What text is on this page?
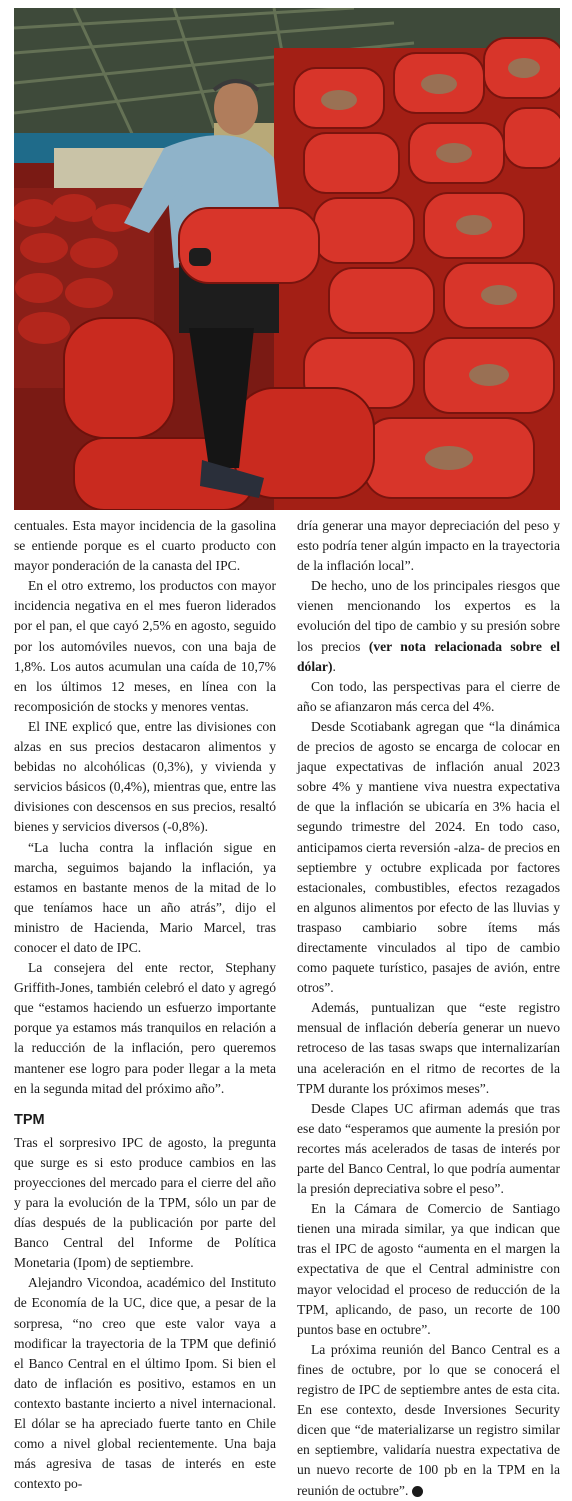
centuales. Esta mayor incidencia de la gasolina se entiende porque es el cuarto producto con mayor ponderación de la canasta del IPC.

En el otro extremo, los productos con mayor incidencia negativa en el mes fueron liderados por el pan, el que cayó 2,5% en agosto, seguido por los automóviles nuevos, con una baja de 1,8%. Los autos acumulan una caída de 10,7% en los últimos 12 meses, en línea con la recomposición de stocks y menores ventas.

El INE explicó que, entre las divisiones con alzas en sus precios destacaron alimentos y bebidas no alcohólicas (0,3%), y vivienda y servicios básicos (0,4%), mientras que, entre las divisiones con descensos en sus precios, resaltó bienes y servicios diversos (-0,8%).

“La lucha contra la inflación sigue en marcha, seguimos bajando la inflación, ya estamos en bastante menos de la mitad de lo que teníamos hace un año atrás”, dijo el ministro de Hacienda, Mario Marcel, tras conocer el dato de IPC.

La consejera del ente rector, Stephany Griffith-Jones, también celebró el dato y agregó que “estamos haciendo un esfuerzo importante porque ya estamos más tranquilos en relación a la reducción de la inflación, pero queremos mantener ese logro para poder llegar a la meta en la segunda mitad del próximo año”.

TPM

Tras el sorpresivo IPC de agosto, la pregunta que surge es si esto produce cambios en las proyecciones del mercado para el cierre del año y para la evolución de la TPM, sólo un par de días después de la publicación por parte del Banco Central del Informe de Política Monetaria (Ipom) de septiembre.

Alejandro Vicondoa, académico del Instituto de Economía de la UC, dice que, a pesar de la sorpresa, “no creo que este valor vaya a modificar la trayectoria de la TPM que definió el Banco Central en el último Ipom. Si bien el dato de inflación es positivo, estamos en un contexto bastante incierto a nivel internacional. El dólar se ha apreciado fuerte tanto en Chile como a nivel global recientemente. Una baja más agresiva de tasas de interés en este contexto po-

dría generar una mayor depreciación del peso y esto podría tener algún impacto en la trayectoria de la inflación local”.

De hecho, uno de los principales riesgos que vienen mencionando los expertos es la evolución del tipo de cambio y su presión sobre los precios (ver nota relacionada sobre el dólar).

Con todo, las perspectivas para el cierre de año se afianzaron más cerca del 4%.

Desde Scotiabank agregan que “la dinámica de precios de agosto se encarga de colocar en jaque expectativas de inflación anual 2023 sobre 4% y mantiene viva nuestra expectativa de que la inflación se ubicaría en 3% hacia el segundo trimestre del 2024. En todo caso, anticipamos cierta reversión -alza- de precios en septiembre y octubre explicada por factores estacionales, combustibles, efectos rezagados en algunos alimentos por efecto de las lluvias y traspaso cambiario sobre ítems más directamente vinculados al tipo de cambio como paquete turístico, pasajes de avión, entre otros”.

Además, puntualizan que “este registro mensual de inflación debería generar un nuevo retroceso de las tasas swaps que internalizarían una aceleración en el ritmo de recortes de la TPM durante los próximos meses”.

Desde Clapes UC afirman además que tras ese dato “esperamos que aumente la presión por recortes más acelerados de tasas de interés por parte del Banco Central, lo que podría aumentar la presión depreciativa sobre el peso”.

En la Cámara de Comercio de Santiago tienen una mirada similar, ya que indican que tras el IPC de agosto “aumenta en el margen la expectativa de que el Central administre con mayor velocidad el proceso de reducción de la TPM, aplicando, de paso, un recorte de 100 puntos base en octubre”.

La próxima reunión del Banco Central es a fines de octubre, por lo que se conocerá el registro de IPC de septiembre antes de esta cita. En ese contexto, desde Inversiones Security dicen que “de materializarse un registro similar en septiembre, validaría nuestra expectativa de un nuevo recorte de 100 pb en la TPM en la reunión de octubre”. P
